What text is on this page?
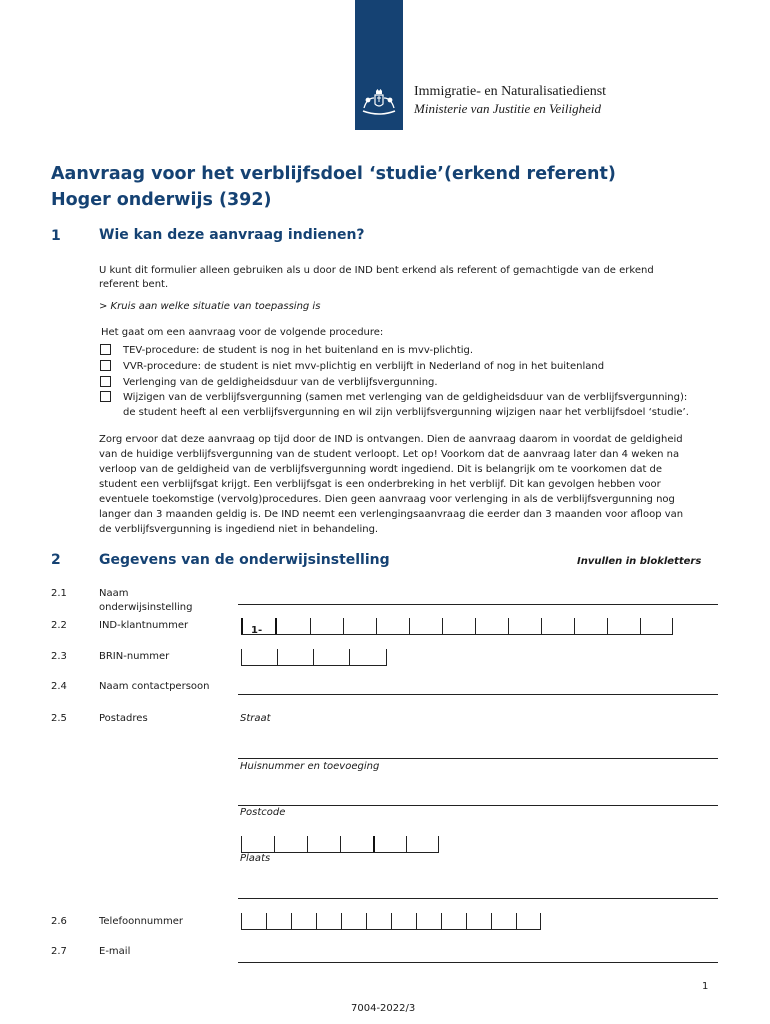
Immigratie- en Naturalisatiedienst
Ministerie van Justitie en Veiligheid
Aanvraag voor het verblijfsdoel ‘studie’(erkend referent)
Hoger onderwijs (392)
1	Wie kan deze aanvraag indienen?
U kunt dit formulier alleen gebruiken als u door de IND bent erkend als referent of gemachtigde van de erkend
referent bent.
> Kruis aan welke situatie van toepassing is
Het gaat om een aanvraag voor de volgende procedure:
TEV-procedure: de student is nog in het buitenland en is mvv-plichtig.
VVR-procedure: de student is niet mvv-plichtig en verblijft in Nederland of nog in het buitenland
Verlenging van de geldigheidsduur van de verblijfsvergunning.
Wijzigen van de verblijfsvergunning (samen met verlenging van de geldigheidsduur van de verblijfsvergunning):
de student heeft al een verblijfsvergunning en wil zijn verblijfsvergunning wijzigen naar het verblijfsdoel ‘studie’.
Zorg ervoor dat deze aanvraag op tijd door de IND is ontvangen. Dien de aanvraag daarom in voordat de geldigheid
van de huidige verblijfsvergunning van de student verloopt. Let op! Voorkom dat de aanvraag later dan 4 weken na
verloop van de geldigheid van de verblijfsvergunning wordt ingediend. Dit is belangrijk om te voorkomen dat de
student een verblijfsgat krijgt. Een verblijfsgat is een onderbreking in het verblijf. Dit kan gevolgen hebben voor
eventuele toekomstige (vervolg)procedures. Dien geen aanvraag voor verlenging in als de verblijfsvergunning nog
langer dan 3 maanden geldig is. De IND neemt een verlengingsaanvraag die eerder dan 3 maanden voor afloop van
de verblijfsvergunning is ingediend niet in behandeling.
2	Gegevens van de onderwijsinstelling	Invullen in blokletters
2.1	Naam
onderwijsinstelling
2.2	IND-klantnummer	1-
2.3	BRIN-nummer
2.4	Naam contactpersoon
2.5	Postadres	Straat
Huisnummer en toevoeging
Postcode
Plaats
2.6	Telefoonnummer
2.7	E-mail
1
7004-2022/3
